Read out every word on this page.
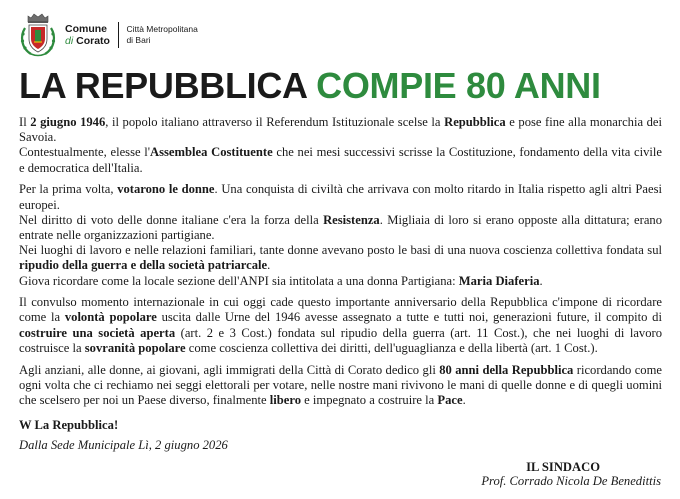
Comune
di Corato
Città Metropolitana
di Bari
LA REPUBBLICA COMPIE 80 ANNI

Il 2 giugno 1946, il popolo italiano attraverso il Referendum Istituzionale scelse la Repubblica e pose fine alla monarchia dei Savoia.

Contestualmente, elesse l'Assemblea Costituente che nei mesi successivi scrisse la Costituzione, fondamento della vita civile e democratica dell'Italia.

Per la prima volta, votarono le donne. Una conquista di civiltà che arrivava con molto ritardo in Italia rispetto agli altri Paesi europei.

Nel diritto di voto delle donne italiane c'era la forza della Resistenza. Migliaia di loro si erano opposte alla dittatura; erano entrate nelle organizzazioni partigiane.

Nei luoghi di lavoro e nelle relazioni familiari, tante donne avevano posto le basi di una nuova coscienza collettiva fondata sul ripudio della guerra e della società patriarcale.

Giova ricordare come la locale sezione dell'ANPI sia intitolata a una donna Partigiana: Maria Diaferia.

Il convulso momento internazionale in cui oggi cade questo importante anniversario della Repubblica c'impone di ricordare come la volontà popolare uscita dalle Urne del 1946 avesse assegnato a tutte e tutti noi, generazioni future, il compito di costruire una società aperta (art. 2 e 3 Cost.) fondata sul ripudio della guerra (art. 11 Cost.), che nei luoghi di lavoro costruisce la sovranità popolare come coscienza collettiva dei diritti, dell'uguaglianza e della libertà (art. 1 Cost.).

Agli anziani, alle donne, ai giovani, agli immigrati della Città di Corato dedico gli 80 anni della Repubblica ricordando come ogni volta che ci rechiamo nei seggi elettorali per votare, nelle nostre mani rivivono le mani di quelle donne e di quegli uomini che scelsero per noi un Paese diverso, finalmente libero e impegnato a costruire la Pace.

W La Repubblica!
Dalla Sede Municipale Lì, 2 giugno 2026
IL SINDACO
Prof. Corrado Nicola De Benedittis
